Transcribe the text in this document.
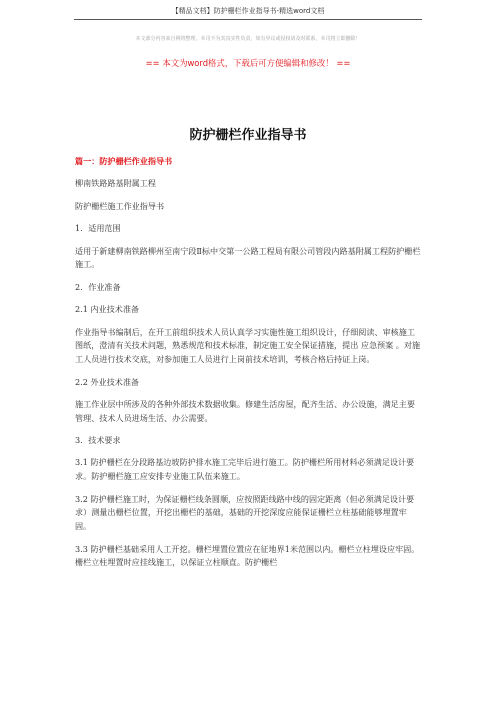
【精品文档】防护栅栏作业指导书-精选word文档
本文部分内容来自网络整理，本司不为其真实性负责，如有异议或侵权请及时联系，本司将立即删除！
== 本文为word格式，下载后可方便编辑和修改！ ==
防护栅栏作业指导书

篇一：防护栅栏作业指导书

柳南铁路路基附属工程

防护栅栏施工作业指导书

1．适用范围

适用于新建柳南铁路柳州至南宁段Ⅱ标中交第一公路工程局有限公司管段内路基附属工程防护栅栏施工。

2．作业准备

2.1 内业技术准备

作业指导书编制后，在开工前组织技术人员认真学习实施性施工组织设计，仔细阅读、审核施工图纸，澄清有关技术问题，熟悉规范和技术标准，制定施工安全保证措施，提出 应急预案 。对施工人员进行技术交底，对参加施工人员进行上岗前技术培训，考核合格后持证上岗。

2.2 外业技术准备

施工作业层中所涉及的各种外部技术数据收集。修建生活房屋，配齐生活、办公设施，满足主要管理、技术人员进场生活、办公需要。

3．技术要求

3.1 防护栅栏在分段路基边坡防护排水施工完毕后进行施工。防护栅栏所用材料必须满足设计要求。防护栅栏施工应安排专业施工队伍来施工。

3.2 防护栅栏施工时，为保证栅栏线条圆顺，应按照距线路中线的固定距离（但必须满足设计要求）测量出栅栏位置，开挖出栅栏的基础，基础的开挖深度应能保证栅栏立柱基础能够埋置牢固。

3.3 防护栅栏基础采用人工开挖。栅栏埋置位置应在征地界1米范围以内。栅栏立柱埋设应牢固。栅栏立柱埋置时应挂线施工，以保证立柱顺直。防护栅栏
